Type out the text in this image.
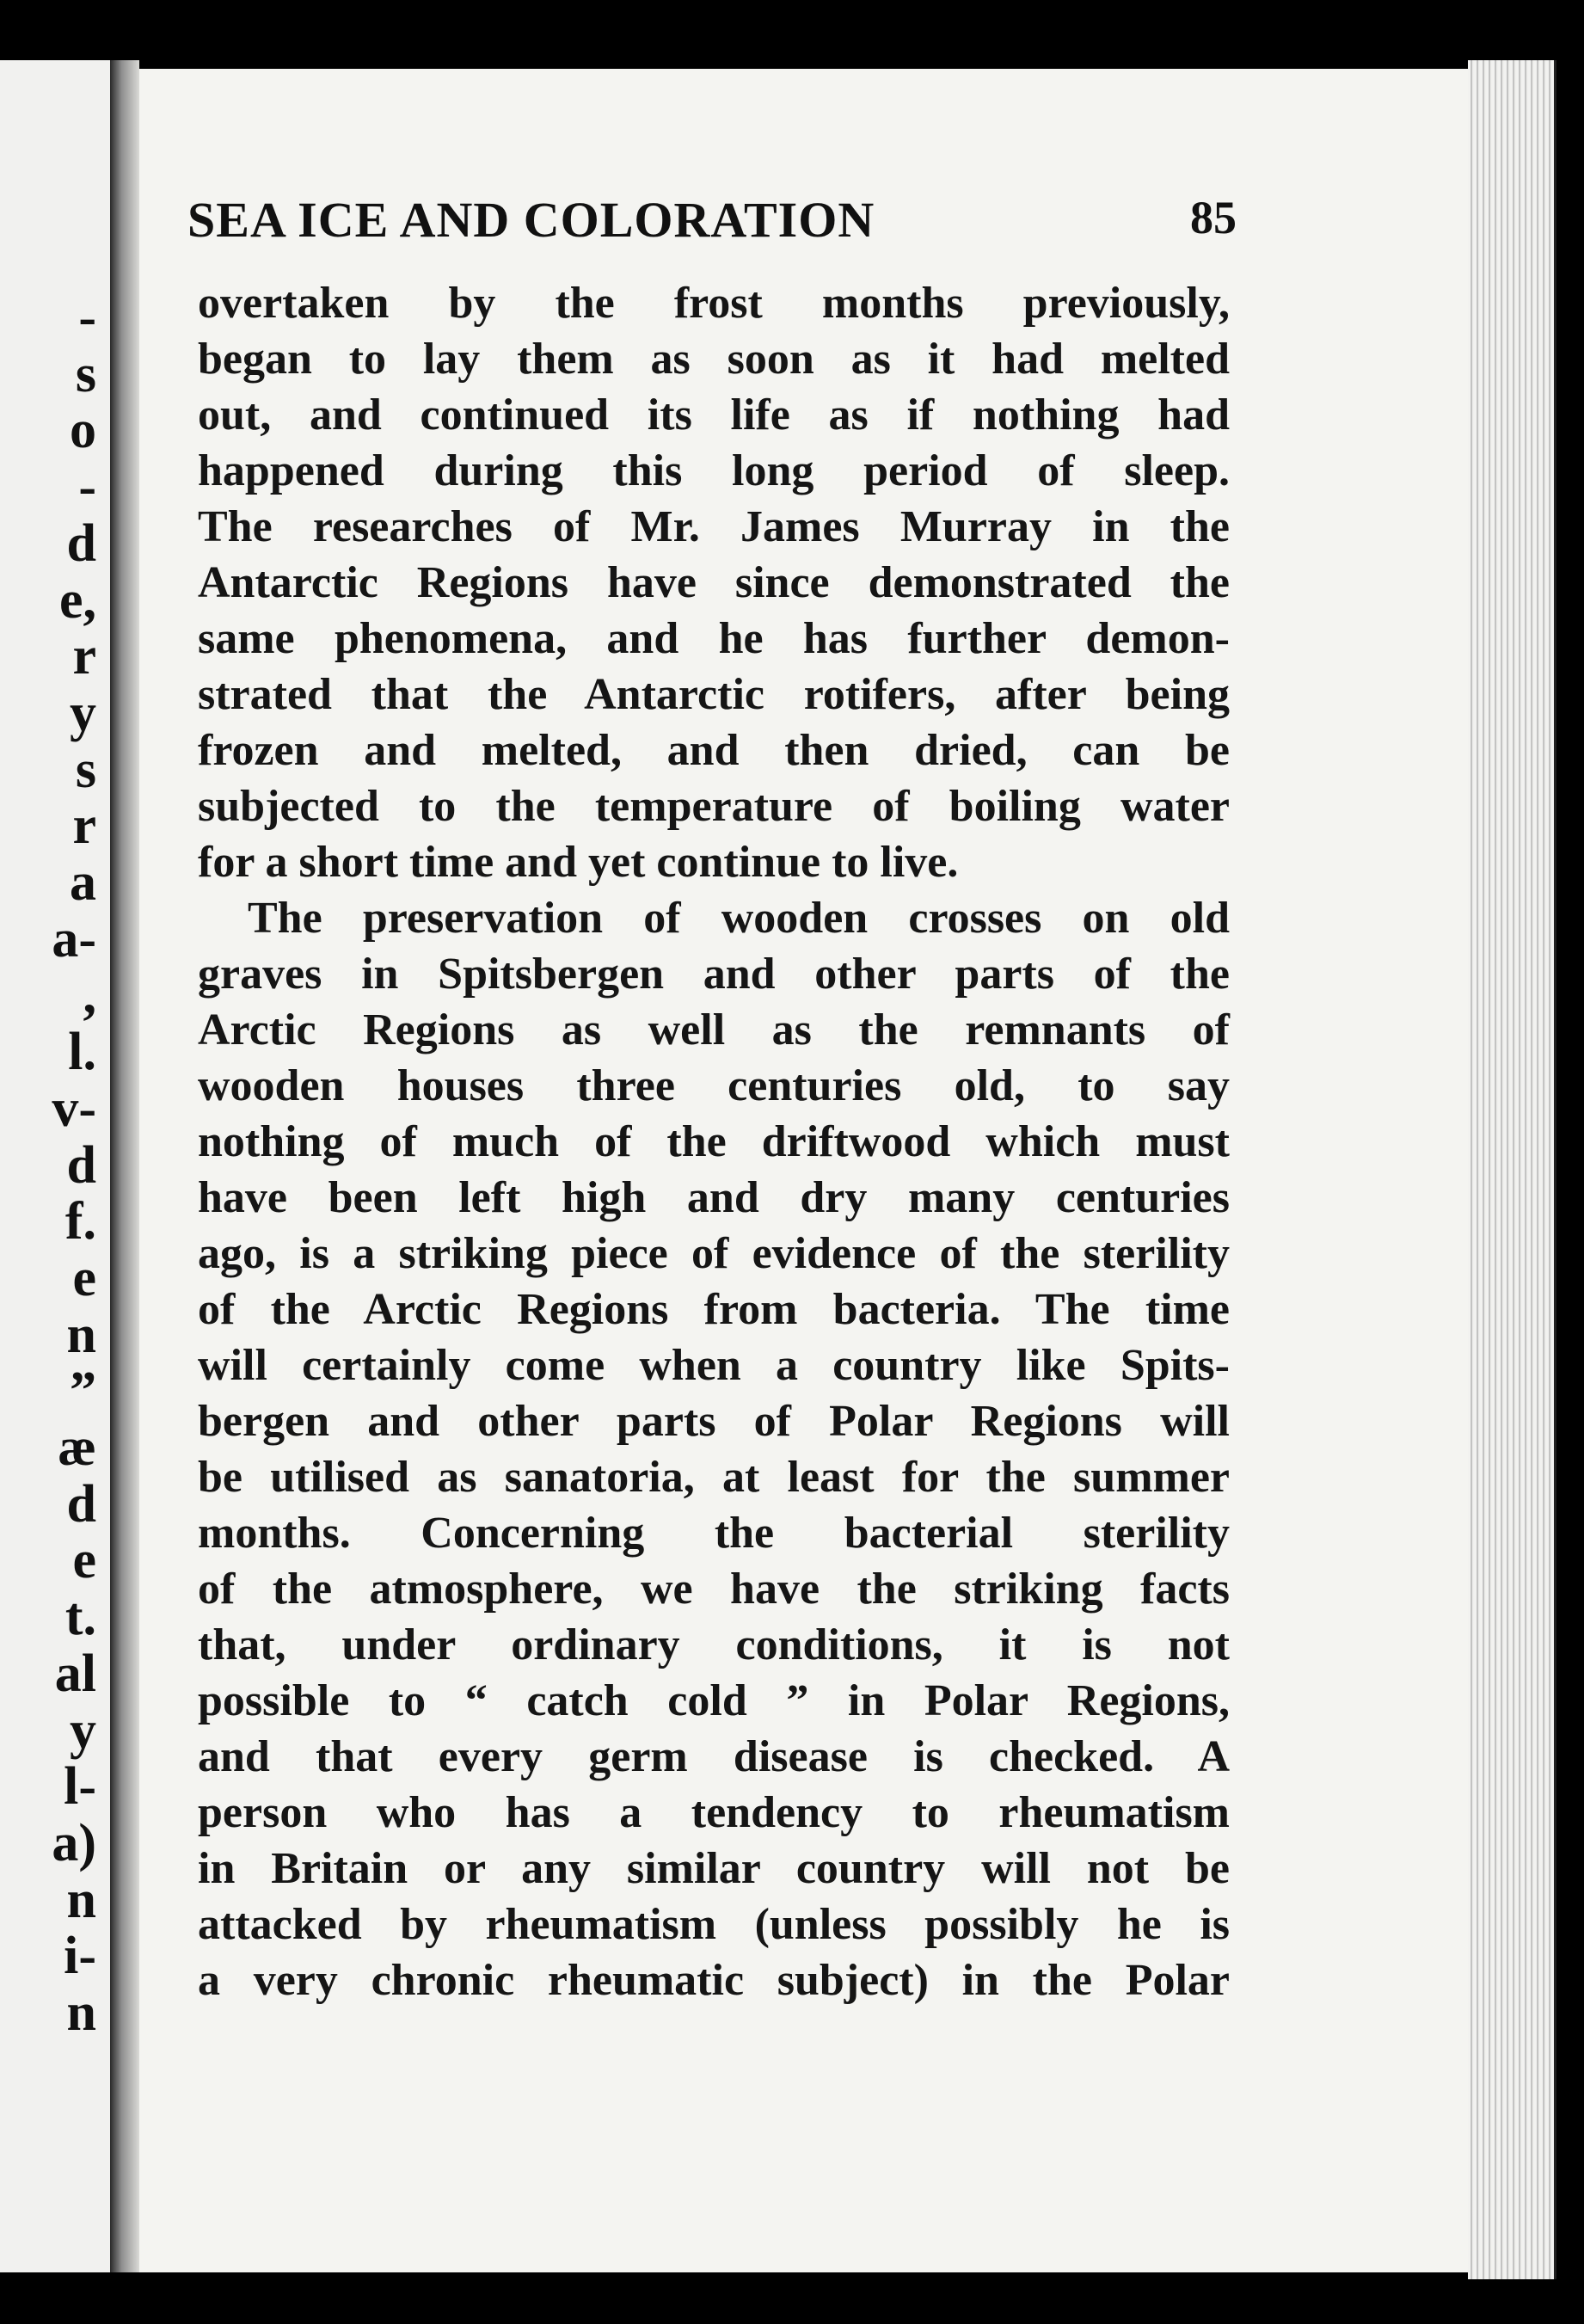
-
s
o
-
d
e,
r
y
s
r
a
a-
,
l.
v-
d
f.
e
n
”
æ
d
e
t.
al
y
l-
a)
n
i-
n
SEA ICE AND COLORATION	85
overtaken by the frost months previously,
began to lay them as soon as it had melted
out, and continued its life as if nothing had
happened during this long period of sleep.
The researches of Mr. James Murray in the
Antarctic Regions have since demonstrated the
same phenomena, and he has further demon-
strated that the Antarctic rotifers, after being
frozen and melted, and then dried, can be
subjected to the temperature of boiling water
for a short time and yet continue to live.
The preservation of wooden crosses on old
graves in Spitsbergen and other parts of the
Arctic Regions as well as the remnants of
wooden houses three centuries old, to say
nothing of much of the driftwood which must
have been left high and dry many centuries
ago, is a striking piece of evidence of the sterility
of the Arctic Regions from bacteria. The time
will certainly come when a country like Spits-
bergen and other parts of Polar Regions will
be utilised as sanatoria, at least for the summer
months. Concerning the bacterial sterility
of the atmosphere, we have the striking facts
that, under ordinary conditions, it is not
possible to “ catch cold ” in Polar Regions,
and that every germ disease is checked. A
person who has a tendency to rheumatism
in Britain or any similar country will not be
attacked by rheumatism (unless possibly he is
a very chronic rheumatic subject) in the Polar
